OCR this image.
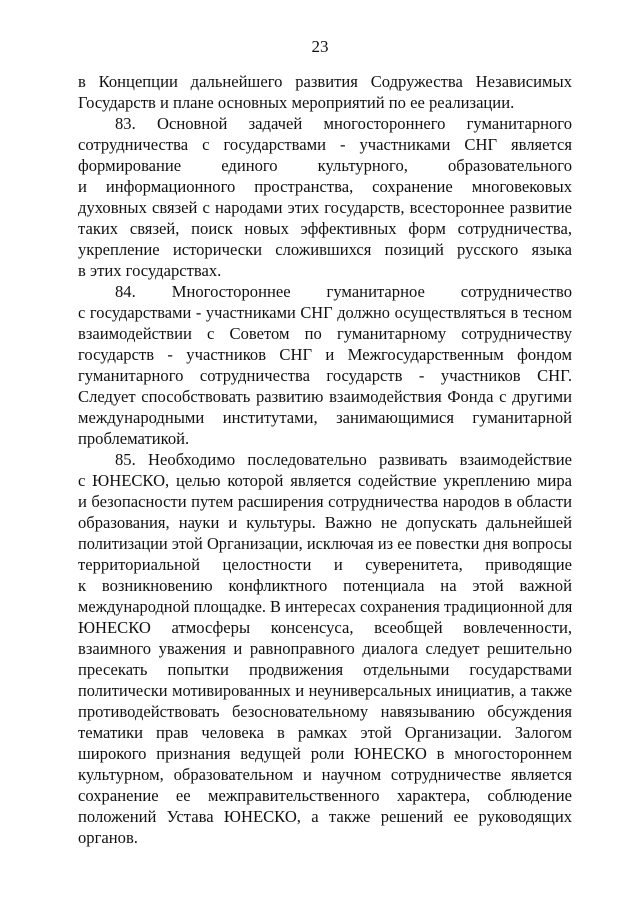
23
в Концепции дальнейшего развития Содружества Независимых
Государств и плане основных мероприятий по ее реализации.
83. Основной задачей многостороннего гуманитарного
сотрудничества с государствами - участниками СНГ является
формирование единого культурного, образовательного
и информационного пространства, сохранение многовековых
духовных связей с народами этих государств, всестороннее развитие
таких связей, поиск новых эффективных форм сотрудничества,
укрепление исторически сложившихся позиций русского языка
в этих государствах.
84. Многостороннее гуманитарное сотрудничество
с государствами - участниками СНГ должно осуществляться в тесном
взаимодействии с Советом по гуманитарному сотрудничеству
государств - участников СНГ и Межгосударственным фондом
гуманитарного сотрудничества государств - участников СНГ.
Следует способствовать развитию взаимодействия Фонда с другими
международными институтами, занимающимися гуманитарной
проблематикой.
85. Необходимо последовательно развивать взаимодействие
с ЮНЕСКО, целью которой является содействие укреплению мира
и безопасности путем расширения сотрудничества народов в области
образования, науки и культуры. Важно не допускать дальнейшей
политизации этой Организации, исключая из ее повестки дня вопросы
территориальной целостности и суверенитета, приводящие
к возникновению конфликтного потенциала на этой важной
международной площадке. В интересах сохранения традиционной для
ЮНЕСКО атмосферы консенсуса, всеобщей вовлеченности,
взаимного уважения и равноправного диалога следует решительно
пресекать попытки продвижения отдельными государствами
политически мотивированных и неуниверсальных инициатив, а также
противодействовать безосновательному навязыванию обсуждения
тематики прав человека в рамках этой Организации. Залогом
широкого признания ведущей роли ЮНЕСКО в многостороннем
культурном, образовательном и научном сотрудничестве является
сохранение ее межправительственного характера, соблюдение
положений Устава ЮНЕСКО, а также решений ее руководящих
органов.
